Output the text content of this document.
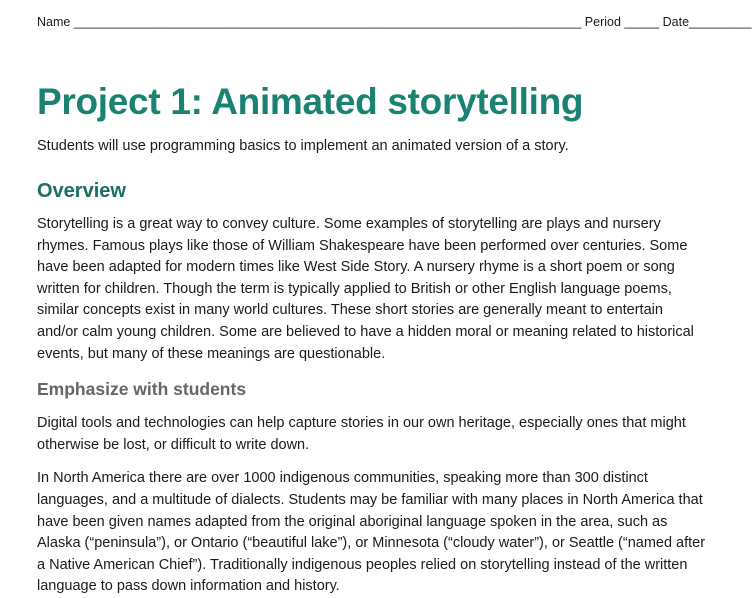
Name _________________________________________________________________________ Period _____ Date_________
Project 1: Animated storytelling

Students will use programming basics to implement an animated version of a story.

Overview

Storytelling is a great way to convey culture. Some examples of storytelling are plays and nursery rhymes. Famous plays like those of William Shakespeare have been performed over centuries. Some have been adapted for modern times like West Side Story. A nursery rhyme is a short poem or song written for children. Though the term is typically applied to British or other English language poems, similar concepts exist in many world cultures. These short stories are generally meant to entertain and/or calm young children. Some are believed to have a hidden moral or meaning related to historical events, but many of these meanings are questionable.

Emphasize with students

Digital tools and technologies can help capture stories in our own heritage, especially ones that might otherwise be lost, or difficult to write down.

In North America there are over 1000 indigenous communities, speaking more than 300 distinct languages, and a multitude of dialects. Students may be familiar with many places in North America that have been given names adapted from the original aboriginal language spoken in the area, such as Alaska (“peninsula”), or Ontario (“beautiful lake”), or Minnesota (“cloudy water”), or Seattle (“named after a Native American Chief”). Traditionally indigenous peoples relied on storytelling instead of the written language to pass down information and history.
